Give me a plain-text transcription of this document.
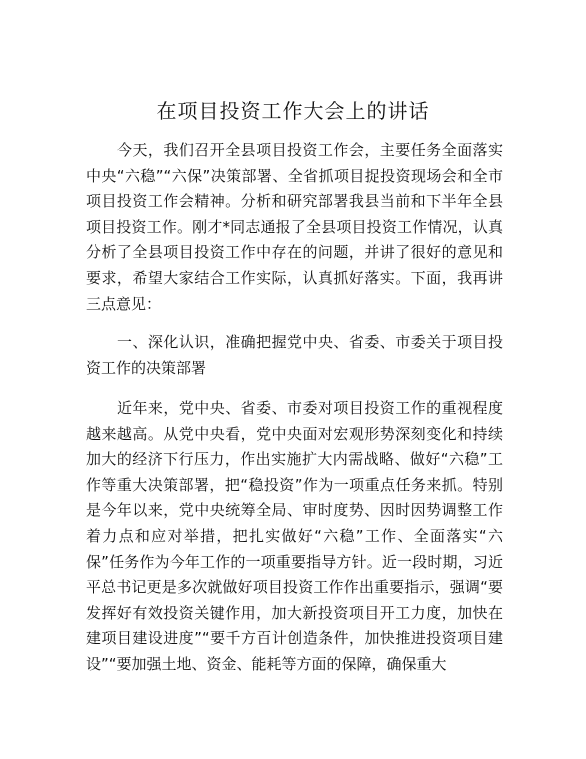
在项目投资工作大会上的讲话

今天，我们召开全县项目投资工作会，主要任务全面落实中央“六稳”“六保”决策部署、全省抓项目捉投资现场会和全市项目投资工作会精神。分析和研究部署我县当前和下半年全县项目投资工作。刚才*同志通报了全县项目投资工作情况，认真分析了全县项目投资工作中存在的问题，并讲了很好的意见和要求，希望大家结合工作实际，认真抓好落实。下面，我再讲三点意见：

一、深化认识，准确把握党中央、省委、市委关于项目投资工作的决策部署

近年来，党中央、省委、市委对项目投资工作的重视程度越来越高。从党中央看，党中央面对宏观形势深刻变化和持续加大的经济下行压力，作出实施扩大内需战略、做好“六稳”工作等重大决策部署，把“稳投资”作为一项重点任务来抓。特别是今年以来，党中央统筹全局、审时度势、因时因势调整工作着力点和应对举措，把扎实做好“六稳”工作、全面落实“六保”任务作为今年工作的一项重要指导方针。近一段时期，习近平总书记更是多次就做好项目投资工作作出重要指示，强调“要发挥好有效投资关键作用，加大新投资项目开工力度，加快在建项目建设进度”“要千方百计创造条件，加快推进投资项目建设”“要加强土地、资金、能耗等方面的保障，确保重大
